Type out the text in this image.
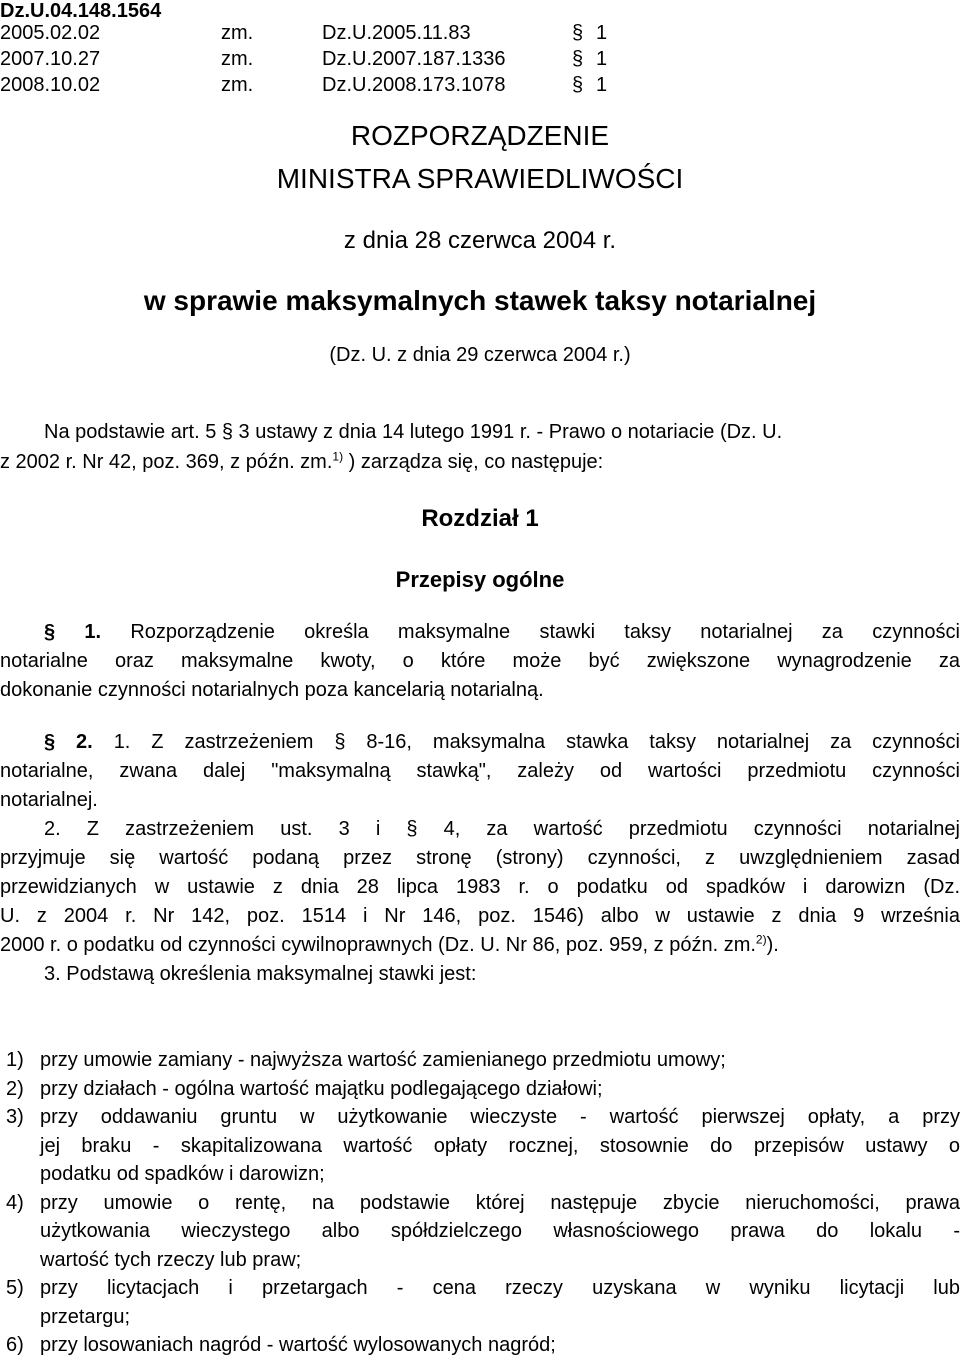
Dz.U.04.148.1564
2005.02.02	zm.	Dz.U.2005.11.83	§ 1
2007.10.27	zm.	Dz.U.2007.187.1336	§ 1
2008.10.02	zm.	Dz.U.2008.173.1078	§ 1
ROZPORZĄDZENIE
MINISTRA SPRAWIEDLIWOŚCI
z dnia 28 czerwca 2004 r.
w sprawie maksymalnych stawek taksy notarialnej
(Dz. U. z dnia 29 czerwca 2004 r.)
Na podstawie art. 5 § 3 ustawy z dnia 14 lutego 1991 r. - Prawo o notariacie (Dz. U.
z 2002 r. Nr 42, poz. 369, z późn. zm.$^{1)}$ ) zarządza się, co następuje:
Rozdział 1
Przepisy ogólne
§ 1. Rozporządzenie określa maksymalne stawki taksy notarialnej za czynności
notarialne oraz maksymalne kwoty, o które może być zwiększone wynagrodzenie za
dokonanie czynności notarialnych poza kancelarią notarialną.
§ 2. 1. Z zastrzeżeniem § 8-16, maksymalna stawka taksy notarialnej za czynności
notarialne, zwana dalej "maksymalną stawką", zależy od wartości przedmiotu czynności
notarialnej.
2. Z zastrzeżeniem ust. 3 i § 4, za wartość przedmiotu czynności notarialnej
przyjmuje się wartość podaną przez stronę (strony) czynności, z uwzględnieniem zasad
przewidzianych w ustawie z dnia 28 lipca 1983 r. o podatku od spadków i darowizn (Dz.
U. z 2004 r. Nr 142, poz. 1514 i Nr 146, poz. 1546) albo w ustawie z dnia 9 września
2000 r. o podatku od czynności cywilnoprawnych (Dz. U. Nr 86, poz. 959, z późn. zm.$^{2)}$).
3. Podstawą określenia maksymalnej stawki jest:
1) przy umowie zamiany - najwyższa wartość zamienianego przedmiotu umowy;
2) przy działach - ogólna wartość majątku podlegającego działowi;
3) przy oddawaniu gruntu w użytkowanie wieczyste - wartość pierwszej opłaty, a przy
jej braku - skapitalizowana wartość opłaty rocznej, stosownie do przepisów ustawy o
podatku od spadków i darowizn;
4) przy umowie o rentę, na podstawie której następuje zbycie nieruchomości, prawa
użytkowania wieczystego albo spółdzielczego własnościowego prawa do lokalu -
wartość tych rzeczy lub praw;
5) przy licytacjach i przetargach - cena rzeczy uzyskana w wyniku licytacji lub
przetargu;
6) przy losowaniach nagród - wartość wylosowanych nagród;
